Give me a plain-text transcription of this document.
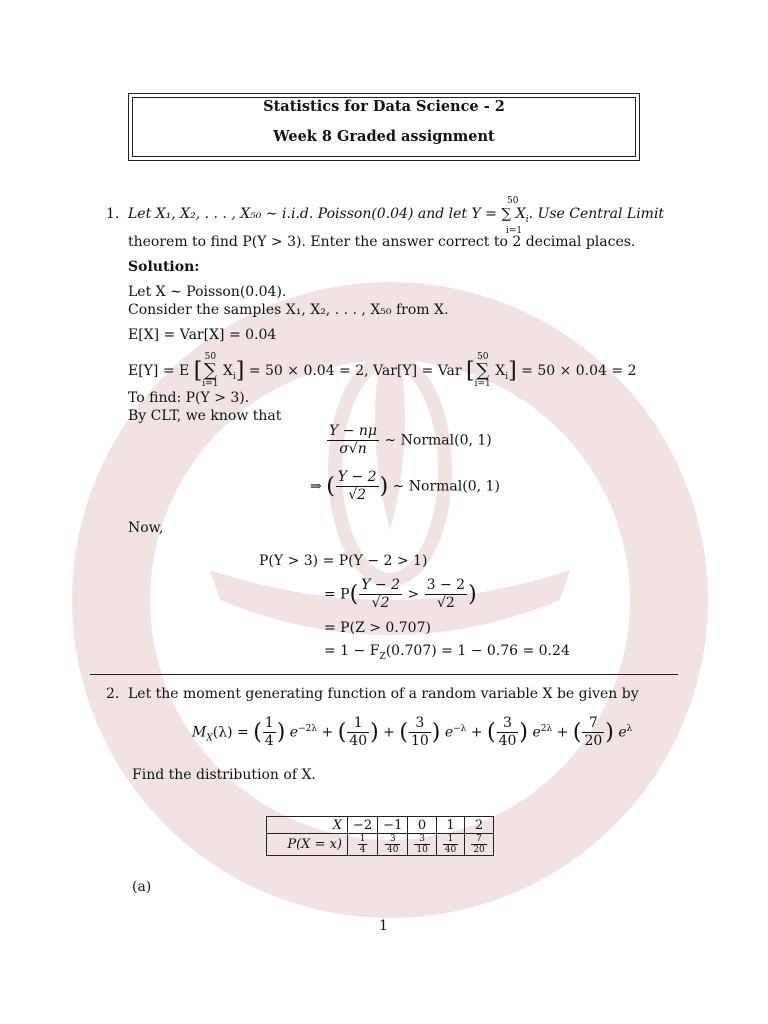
Statistics for Data Science - 2
Week 8 Graded assignment
1. Let X₁, X₂, . . . , X₅₀ ∼ i.i.d. Poisson(0.04) and let Y = ∑ $X_i$. Use Central Limit
50
i=1
theorem to find P(Y > 3). Enter the answer correct to 2 decimal places.
Solution:
Let X ∼ Poisson(0.04).
Consider the samples X₁, X₂, . . . , X₅₀ from X.
E[X] = Var[X] = 0.04
E[Y] = E [50
∑
i=1 $X_i] = 50 \times 0.04 = 2$, Var[Y] = Var [50
∑
i=1 $X_i] = 50 \times 0.04 = 2$
To find: P(Y > 3).
By CLT, we know that
$\frac{Y - n\mu}{\sigma√n}$ ∼ Normal(0, 1)
⇒ ( $\frac{Y - 2}{√2}$ ) ∼ Normal(0, 1)
Now,
P(Y > 3) = P(Y − 2 > 1)
= $P( \frac{Y - 2}{√2} > \frac{3 - 2}{√2}$ )
= P(Z > 0.707)
= $1 - F_Z(0.707) = 1 - 0.76 = 0.24$
2. Let the moment generating function of a random variable X be given by
$M_X(\lambda)$ = ( $\frac{1}{4}$ ) $e^{-2\lambda}$ + ( $\frac{1}{40}$ ) + ( $\frac{3}{10}$ ) $e^{-\lambda}$ + ( $\frac{3}{40}$ ) $e^{2\lambda}$ + ( $\frac{7}{20}$ ) $e^\lambda$
Find the distribution of X.
X	−2	−1	0	1	2
P(X = x)	$\frac{1}{4}$	$\frac{3}{40}$	$\frac{3}{10}$	$\frac{1}{40}$	$\frac{7}{20}$
(a)
1
